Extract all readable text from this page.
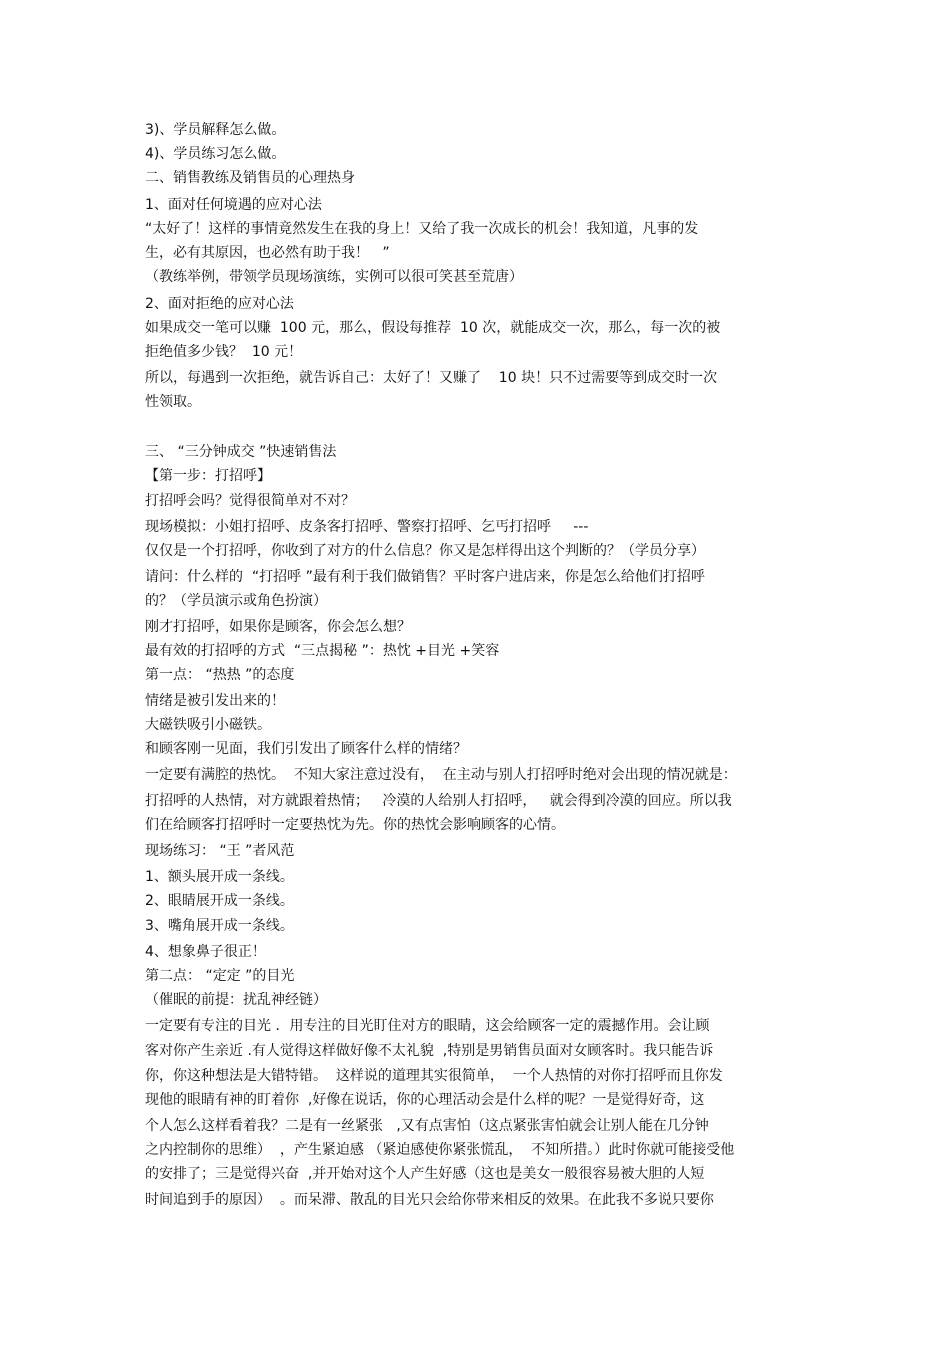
3)、学员解释怎么做。
4)、学员练习怎么做。
二、销售教练及销售员的心理热身
1、面对任何境遇的应对心法
“太好了！这样的事情竟然发生在我的身上！又给了我一次成长的机会！我知道，凡事的发
生，必有其原因，也必然有助于我！   ”
（教练举例，带领学员现场演练，实例可以很可笑甚至荒唐）
2、面对拒绝的应对心法
如果成交一笔可以赚  100 元，那么，假设每推荐  10 次，就能成交一次，那么，每一次的被
拒绝值多少钱？  10 元！
所以，每遇到一次拒绝，就告诉自己：太好了！又赚了    10 块！只不过需要等到成交时一次
性领取。
三、 “三分钟成交 ”快速销售法
【第一步：打招呼】
打招呼会吗？觉得很简单对不对？
现场模拟：小姐打招呼、皮条客打招呼、警察打招呼、乞丐打招呼     ---
仅仅是一个打招呼，你收到了对方的什么信息？你又是怎样得出这个判断的？（学员分享）
请问：什么样的  “打招呼 ”最有利于我们做销售？平时客户进店来，你是怎么给他们打招呼
的？（学员演示或角色扮演）
刚才打招呼，如果你是顾客，你会怎么想？
最有效的打招呼的方式  “三点揭秘 ”：热忱 +目光 +笑容
第一点： “热热 ”的态度
情绪是被引发出来的！
大磁铁吸引小磁铁。
和顾客刚一见面，我们引发出了顾客什么样的情绪？
一定要有满腔的热忱。  不知大家注意过没有，  在主动与别人打招呼时绝对会出现的情况就是：
打招呼的人热情，对方就跟着热情；   冷漠的人给别人打招呼，   就会得到冷漠的回应。所以我
们在给顾客打招呼时一定要热忱为先。你的热忱会影响顾客的心情。
现场练习： “王 ”者风范
1、额头展开成一条线。
2、眼睛展开成一条线。
3、嘴角展开成一条线。
4、想象鼻子很正！
第二点： “定定 ”的目光
（催眠的前提：扰乱神经链）
一定要有专注的目光 ．用专注的目光盯住对方的眼睛，这会给顾客一定的震撼作用。会让顾
客对你产生亲近 .有人觉得这样做好像不太礼貌  ,特别是男销售员面对女顾客时。我只能告诉
你，你这种想法是大错特错。  这样说的道理其实很简单，  一个人热情的对你打招呼而且你发
现他的眼睛有神的盯着你  ,好像在说话，你的心理活动会是什么样的呢？一是觉得好奇，这
个人怎么这样看着我？二是有一丝紧张   ,又有点害怕（这点紧张害怕就会让别人能在几分钟
之内控制你的思维）  ，产生紧迫感 （紧迫感使你紧张慌乱，  不知所措。）此时你就可能接受他
的安排了；三是觉得兴奋  ,并开始对这个人产生好感（这也是美女一般很容易被大胆的人短
时间追到手的原因）  。而呆滞、散乱的目光只会给你带来相反的效果。在此我不多说只要你
